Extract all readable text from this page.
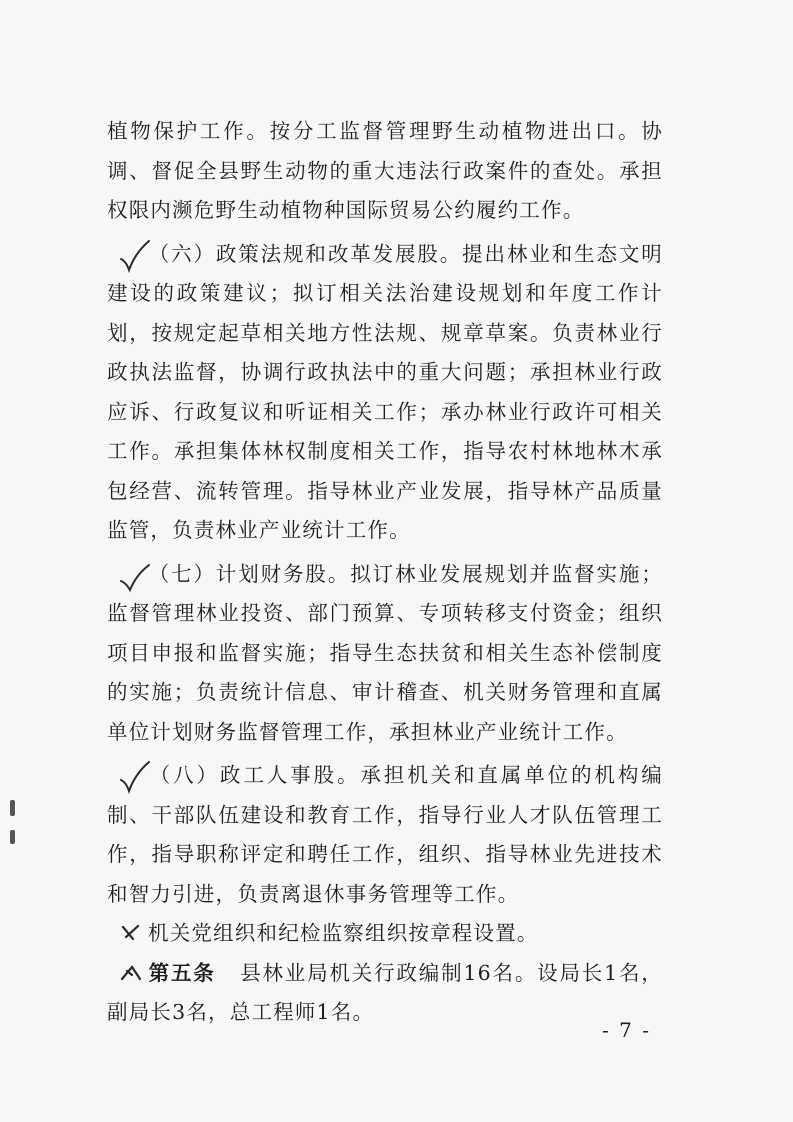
植物保护工作。按分工监督管理野生动植物进出口。协调、督促全县野生动物的重大违法行政案件的查处。承担权限内濒危野生动植物种国际贸易公约履约工作。

（六）政策法规和改革发展股。提出林业和生态文明建设的政策建议；拟订相关法治建设规划和年度工作计划，按规定起草相关地方性法规、规章草案。负责林业行政执法监督，协调行政执法中的重大问题；承担林业行政应诉、行政复议和听证相关工作；承办林业行政许可相关工作。承担集体林权制度相关工作，指导农村林地林木承包经营、流转管理。指导林业产业发展，指导林产品质量监管，负责林业产业统计工作。

（七）计划财务股。拟订林业发展规划并监督实施；监督管理林业投资、部门预算、专项转移支付资金；组织项目申报和监督实施；指导生态扶贫和相关生态补偿制度的实施；负责统计信息、审计稽查、机关财务管理和直属单位计划财务监督管理工作，承担林业产业统计工作。

（八）政工人事股。承担机关和直属单位的机构编制、干部队伍建设和教育工作，指导行业人才队伍管理工作，指导职称评定和聘任工作，组织、指导林业先进技术和智力引进，负责离退休事务管理等工作。

机关党组织和纪检监察组织按章程设置。

第五条 县林业局机关行政编制16名。设局长1名，副局长3名，总工程师1名。

- 7 -
